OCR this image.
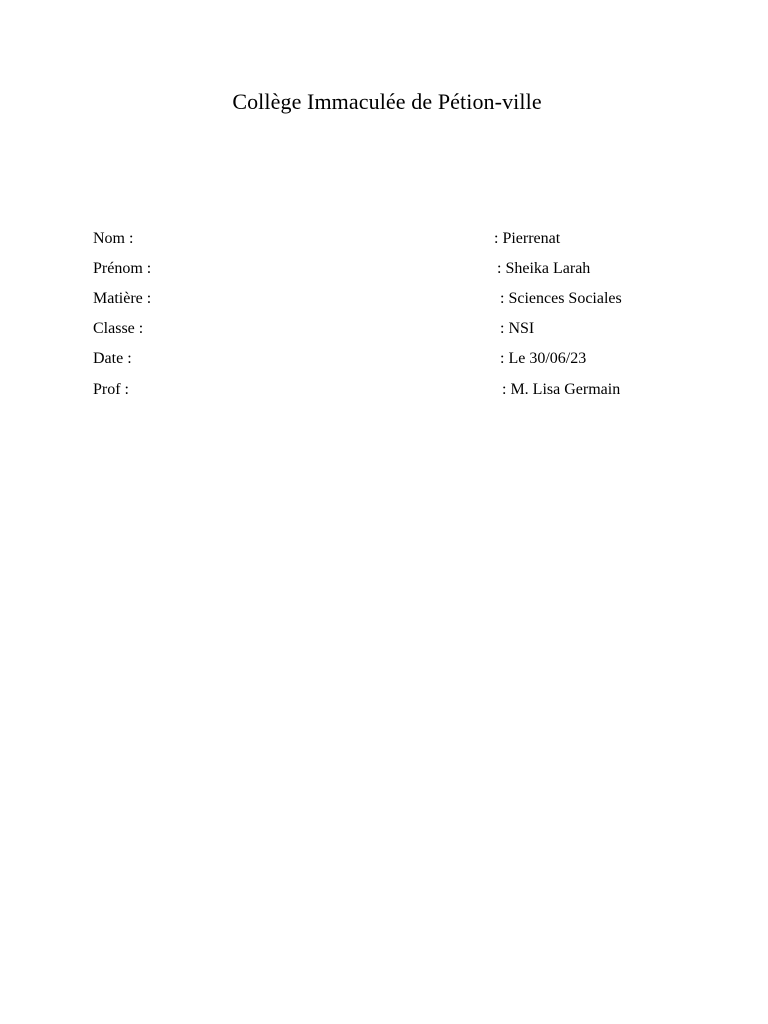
Collège Immaculée de Pétion-ville
Nom :	: Pierrenat
Prénom :	: Sheika Larah
Matière :	: Sciences Sociales
Classe :	: NSI
Date :	: Le 30/06/23
Prof :	: M. Lisa Germain
